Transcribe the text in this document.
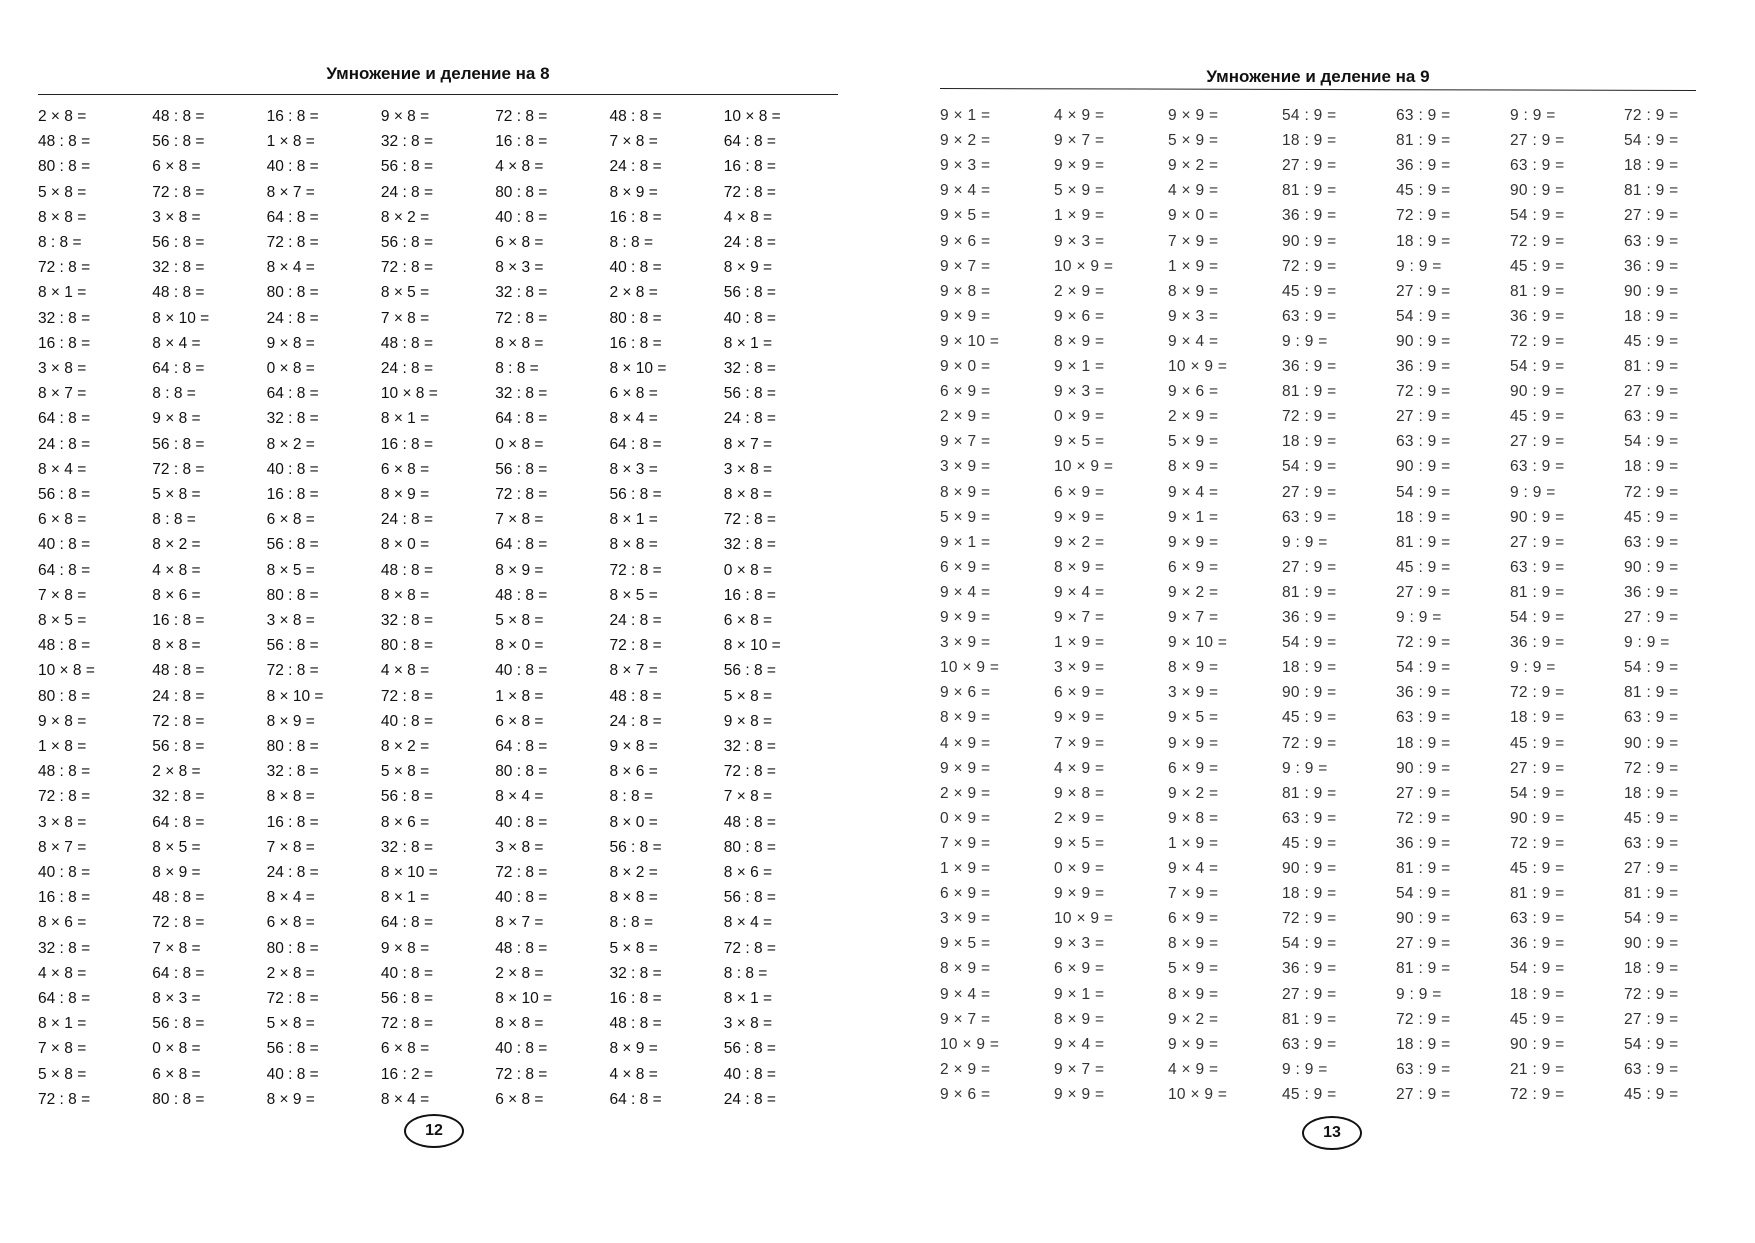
Умножение и деление на 8
2 × 8 =
48 : 8 =
80 : 8 =
5 × 8 =
8 × 8 =
8 : 8 =
72 : 8 =
8 × 1 =
32 : 8 =
16 : 8 =
3 × 8 =
8 × 7 =
64 : 8 =
24 : 8 =
8 × 4 =
56 : 8 =
6 × 8 =
40 : 8 =
64 : 8 =
7 × 8 =
8 × 5 =
48 : 8 =
10 × 8 =
80 : 8 =
9 × 8 =
1 × 8 =
48 : 8 =
72 : 8 =
3 × 8 =
8 × 7 =
40 : 8 =
16 : 8 =
8 × 6 =
32 : 8 =
4 × 8 =
64 : 8 =
8 × 1 =
7 × 8 =
5 × 8 =
72 : 8 =
48 : 8 =
56 : 8 =
6 × 8 =
72 : 8 =
3 × 8 =
56 : 8 =
32 : 8 =
48 : 8 =
8 × 10 =
8 × 4 =
64 : 8 =
8 : 8 =
9 × 8 =
56 : 8 =
72 : 8 =
5 × 8 =
8 : 8 =
8 × 2 =
4 × 8 =
8 × 6 =
16 : 8 =
8 × 8 =
48 : 8 =
24 : 8 =
72 : 8 =
56 : 8 =
2 × 8 =
32 : 8 =
64 : 8 =
8 × 5 =
8 × 9 =
48 : 8 =
72 : 8 =
7 × 8 =
64 : 8 =
8 × 3 =
56 : 8 =
0 × 8 =
6 × 8 =
80 : 8 =
16 : 8 =
1 × 8 =
40 : 8 =
8 × 7 =
64 : 8 =
72 : 8 =
8 × 4 =
80 : 8 =
24 : 8 =
9 × 8 =
0 × 8 =
64 : 8 =
32 : 8 =
8 × 2 =
40 : 8 =
16 : 8 =
6 × 8 =
56 : 8 =
8 × 5 =
80 : 8 =
3 × 8 =
56 : 8 =
72 : 8 =
8 × 10 =
8 × 9 =
80 : 8 =
32 : 8 =
8 × 8 =
16 : 8 =
7 × 8 =
24 : 8 =
8 × 4 =
6 × 8 =
80 : 8 =
2 × 8 =
72 : 8 =
5 × 8 =
56 : 8 =
40 : 8 =
8 × 9 =
9 × 8 =
32 : 8 =
56 : 8 =
24 : 8 =
8 × 2 =
56 : 8 =
72 : 8 =
8 × 5 =
7 × 8 =
48 : 8 =
24 : 8 =
10 × 8 =
8 × 1 =
16 : 8 =
6 × 8 =
8 × 9 =
24 : 8 =
8 × 0 =
48 : 8 =
8 × 8 =
32 : 8 =
80 : 8 =
4 × 8 =
72 : 8 =
40 : 8 =
8 × 2 =
5 × 8 =
56 : 8 =
8 × 6 =
32 : 8 =
8 × 10 =
8 × 1 =
64 : 8 =
9 × 8 =
40 : 8 =
56 : 8 =
72 : 8 =
6 × 8 =
16 : 2 =
8 × 4 =
72 : 8 =
16 : 8 =
4 × 8 =
80 : 8 =
40 : 8 =
6 × 8 =
8 × 3 =
32 : 8 =
72 : 8 =
8 × 8 =
8 : 8 =
32 : 8 =
64 : 8 =
0 × 8 =
56 : 8 =
72 : 8 =
7 × 8 =
64 : 8 =
8 × 9 =
48 : 8 =
5 × 8 =
8 × 0 =
40 : 8 =
1 × 8 =
6 × 8 =
64 : 8 =
80 : 8 =
8 × 4 =
40 : 8 =
3 × 8 =
72 : 8 =
40 : 8 =
8 × 7 =
48 : 8 =
2 × 8 =
8 × 10 =
8 × 8 =
40 : 8 =
72 : 8 =
6 × 8 =
48 : 8 =
7 × 8 =
24 : 8 =
8 × 9 =
16 : 8 =
8 : 8 =
40 : 8 =
2 × 8 =
80 : 8 =
16 : 8 =
8 × 10 =
6 × 8 =
8 × 4 =
64 : 8 =
8 × 3 =
56 : 8 =
8 × 1 =
8 × 8 =
72 : 8 =
8 × 5 =
24 : 8 =
72 : 8 =
8 × 7 =
48 : 8 =
24 : 8 =
9 × 8 =
8 × 6 =
8 : 8 =
8 × 0 =
56 : 8 =
8 × 2 =
8 × 8 =
8 : 8 =
5 × 8 =
32 : 8 =
16 : 8 =
48 : 8 =
8 × 9 =
4 × 8 =
64 : 8 =
10 × 8 =
64 : 8 =
16 : 8 =
72 : 8 =
4 × 8 =
24 : 8 =
8 × 9 =
56 : 8 =
40 : 8 =
8 × 1 =
32 : 8 =
56 : 8 =
24 : 8 =
8 × 7 =
3 × 8 =
8 × 8 =
72 : 8 =
32 : 8 =
0 × 8 =
16 : 8 =
6 × 8 =
8 × 10 =
56 : 8 =
5 × 8 =
9 × 8 =
32 : 8 =
72 : 8 =
7 × 8 =
48 : 8 =
80 : 8 =
8 × 6 =
56 : 8 =
8 × 4 =
72 : 8 =
8 : 8 =
8 × 1 =
3 × 8 =
56 : 8 =
40 : 8 =
24 : 8 =
12
Умножение и деление на 9
9 × 1 =
9 × 2 =
9 × 3 =
9 × 4 =
9 × 5 =
9 × 6 =
9 × 7 =
9 × 8 =
9 × 9 =
9 × 10 =
9 × 0 =
6 × 9 =
2 × 9 =
9 × 7 =
3 × 9 =
8 × 9 =
5 × 9 =
9 × 1 =
6 × 9 =
9 × 4 =
9 × 9 =
3 × 9 =
10 × 9 =
9 × 6 =
8 × 9 =
4 × 9 =
9 × 9 =
2 × 9 =
0 × 9 =
7 × 9 =
1 × 9 =
6 × 9 =
3 × 9 =
9 × 5 =
8 × 9 =
9 × 4 =
9 × 7 =
10 × 9 =
2 × 9 =
9 × 6 =
4 × 9 =
9 × 7 =
9 × 9 =
5 × 9 =
1 × 9 =
9 × 3 =
10 × 9 =
2 × 9 =
9 × 6 =
8 × 9 =
9 × 1 =
9 × 3 =
0 × 9 =
9 × 5 =
10 × 9 =
6 × 9 =
9 × 9 =
9 × 2 =
8 × 9 =
9 × 4 =
9 × 7 =
1 × 9 =
3 × 9 =
6 × 9 =
9 × 9 =
7 × 9 =
4 × 9 =
9 × 8 =
2 × 9 =
9 × 5 =
0 × 9 =
9 × 9 =
10 × 9 =
9 × 3 =
6 × 9 =
9 × 1 =
8 × 9 =
9 × 4 =
9 × 7 =
9 × 9 =
9 × 9 =
5 × 9 =
9 × 2 =
4 × 9 =
9 × 0 =
7 × 9 =
1 × 9 =
8 × 9 =
9 × 3 =
9 × 4 =
10 × 9 =
9 × 6 =
2 × 9 =
5 × 9 =
8 × 9 =
9 × 4 =
9 × 1 =
9 × 9 =
6 × 9 =
9 × 2 =
9 × 7 =
9 × 10 =
8 × 9 =
3 × 9 =
9 × 5 =
9 × 9 =
6 × 9 =
9 × 2 =
9 × 8 =
1 × 9 =
9 × 4 =
7 × 9 =
6 × 9 =
8 × 9 =
5 × 9 =
8 × 9 =
9 × 2 =
9 × 9 =
4 × 9 =
10 × 9 =
54 : 9 =
18 : 9 =
27 : 9 =
81 : 9 =
36 : 9 =
90 : 9 =
72 : 9 =
45 : 9 =
63 : 9 =
9 : 9 =
36 : 9 =
81 : 9 =
72 : 9 =
18 : 9 =
54 : 9 =
27 : 9 =
63 : 9 =
9 : 9 =
27 : 9 =
81 : 9 =
36 : 9 =
54 : 9 =
18 : 9 =
90 : 9 =
45 : 9 =
72 : 9 =
9 : 9 =
81 : 9 =
63 : 9 =
45 : 9 =
90 : 9 =
18 : 9 =
72 : 9 =
54 : 9 =
36 : 9 =
27 : 9 =
81 : 9 =
63 : 9 =
9 : 9 =
45 : 9 =
63 : 9 =
81 : 9 =
36 : 9 =
45 : 9 =
72 : 9 =
18 : 9 =
9 : 9 =
27 : 9 =
54 : 9 =
90 : 9 =
36 : 9 =
72 : 9 =
27 : 9 =
63 : 9 =
90 : 9 =
54 : 9 =
18 : 9 =
81 : 9 =
45 : 9 =
27 : 9 =
9 : 9 =
72 : 9 =
54 : 9 =
36 : 9 =
63 : 9 =
18 : 9 =
90 : 9 =
27 : 9 =
72 : 9 =
36 : 9 =
81 : 9 =
54 : 9 =
90 : 9 =
27 : 9 =
81 : 9 =
9 : 9 =
72 : 9 =
18 : 9 =
63 : 9 =
27 : 9 =
9 : 9 =
27 : 9 =
63 : 9 =
90 : 9 =
54 : 9 =
72 : 9 =
45 : 9 =
81 : 9 =
36 : 9 =
72 : 9 =
54 : 9 =
90 : 9 =
45 : 9 =
27 : 9 =
63 : 9 =
9 : 9 =
90 : 9 =
27 : 9 =
63 : 9 =
81 : 9 =
54 : 9 =
36 : 9 =
9 : 9 =
72 : 9 =
18 : 9 =
45 : 9 =
27 : 9 =
54 : 9 =
90 : 9 =
72 : 9 =
45 : 9 =
81 : 9 =
63 : 9 =
36 : 9 =
54 : 9 =
18 : 9 =
45 : 9 =
90 : 9 =
21 : 9 =
72 : 9 =
72 : 9 =
54 : 9 =
18 : 9 =
81 : 9 =
27 : 9 =
63 : 9 =
36 : 9 =
90 : 9 =
18 : 9 =
45 : 9 =
81 : 9 =
27 : 9 =
63 : 9 =
54 : 9 =
18 : 9 =
72 : 9 =
45 : 9 =
63 : 9 =
90 : 9 =
36 : 9 =
27 : 9 =
9 : 9 =
54 : 9 =
81 : 9 =
63 : 9 =
90 : 9 =
72 : 9 =
18 : 9 =
45 : 9 =
63 : 9 =
27 : 9 =
81 : 9 =
54 : 9 =
90 : 9 =
18 : 9 =
72 : 9 =
27 : 9 =
54 : 9 =
63 : 9 =
45 : 9 =
13
